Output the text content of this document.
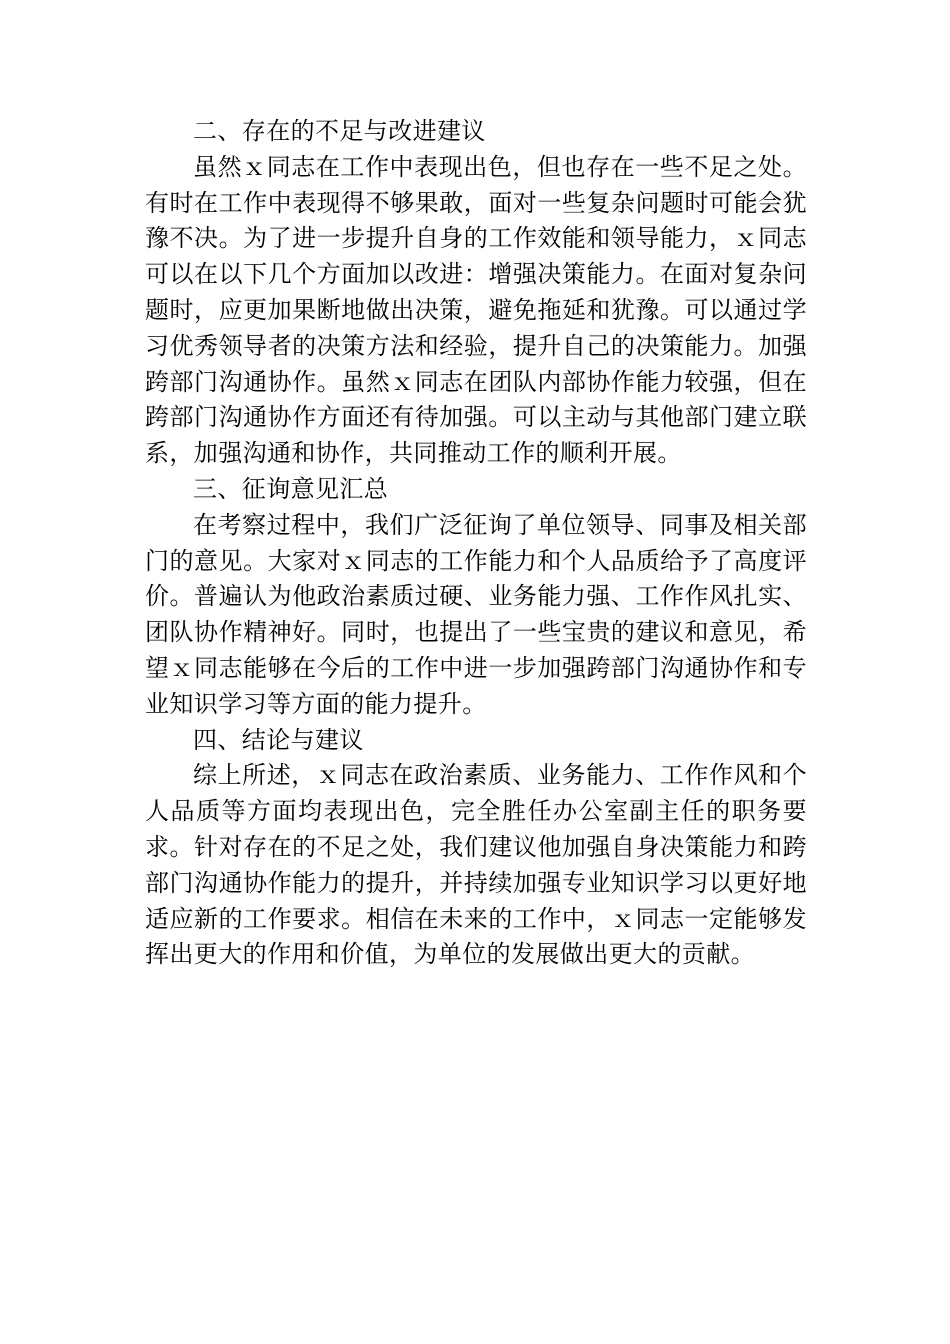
二、存在的不足与改进建议

虽然ｘ同志在工作中表现出色，但也存在一些不足之处。有时在工作中表现得不够果敢，面对一些复杂问题时可能会犹豫不决。为了进一步提升自身的工作效能和领导能力，ｘ同志可以在以下几个方面加以改进：增强决策能力。在面对复杂问题时，应更加果断地做出决策，避免拖延和犹豫。可以通过学习优秀领导者的决策方法和经验，提升自己的决策能力。加强跨部门沟通协作。虽然ｘ同志在团队内部协作能力较强，但在跨部门沟通协作方面还有待加强。可以主动与其他部门建立联系，加强沟通和协作，共同推动工作的顺利开展。

三、征询意见汇总

在考察过程中，我们广泛征询了单位领导、同事及相关部门的意见。大家对ｘ同志的工作能力和个人品质给予了高度评价。普遍认为他政治素质过硬、业务能力强、工作作风扎实、团队协作精神好。同时，也提出了一些宝贵的建议和意见，希望ｘ同志能够在今后的工作中进一步加强跨部门沟通协作和专业知识学习等方面的能力提升。

四、结论与建议

综上所述，ｘ同志在政治素质、业务能力、工作作风和个人品质等方面均表现出色，完全胜任办公室副主任的职务要求。针对存在的不足之处，我们建议他加强自身决策能力和跨部门沟通协作能力的提升，并持续加强专业知识学习以更好地适应新的工作要求。相信在未来的工作中，ｘ同志一定能够发挥出更大的作用和价值，为单位的发展做出更大的贡献。
